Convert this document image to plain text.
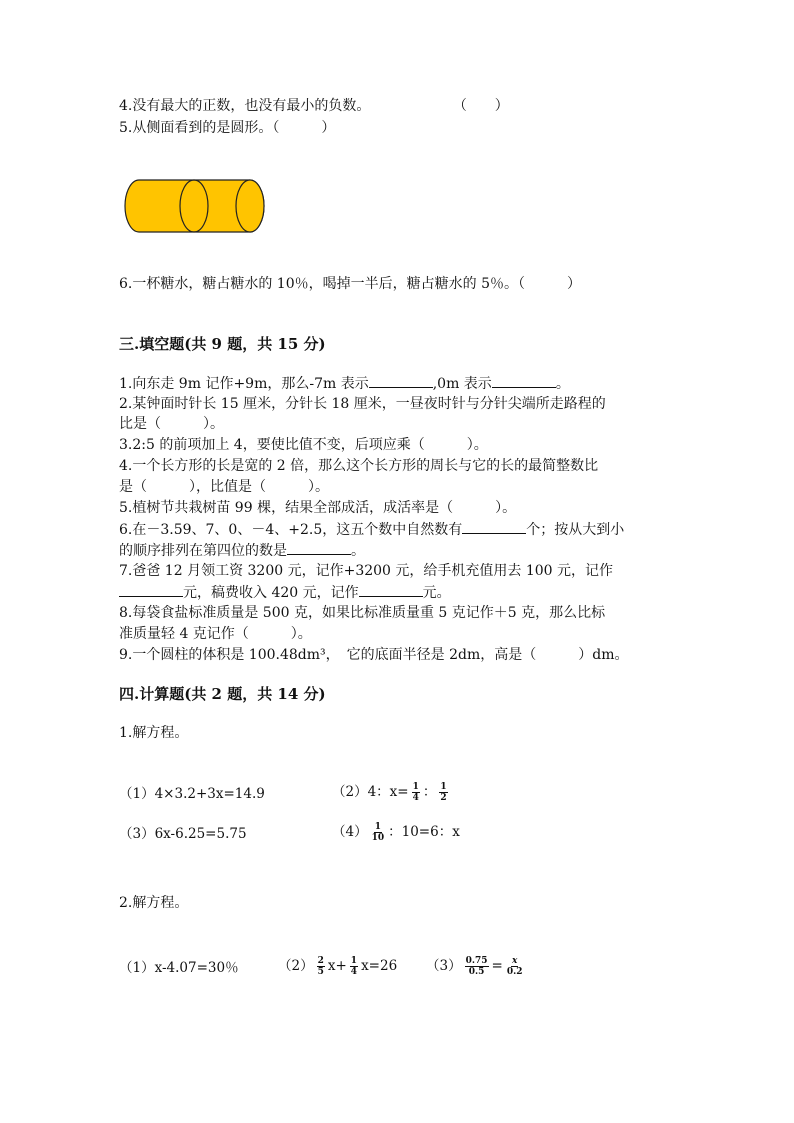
4.没有最大的正数，也没有最小的负数。	（　　）
5.从侧面看到的是圆形。（　　　）
6.一杯糖水，糖占糖水的 10％，喝掉一半后，糖占糖水的 5％。（　　　）
三.填空题(共 9 题，共 15 分)
1.向东走 9m 记作+9m，那么-7m 表示	,0m 表示	。
2.某钟面时针长 15 厘米，分针长 18 厘米，一昼夜时针与分针尖端所走路程的
比是（　　　）。
3.2:5 的前项加上 4，要使比值不变，后项应乘（　　　）。
4.一个长方形的长是宽的 2 倍，那么这个长方形的周长与它的长的最简整数比
是（　　　），比值是（　　　）。
5.植树节共栽树苗 99 棵，结果全部成活，成活率是（　　　）。
6.在－3.59、7、0、－4、+2.5，这五个数中自然数有	个；按从大到小
的顺序排列在第四位的数是	。
7.爸爸 12 月领工资 3200 元，记作+3200 元，给手机充值用去 100 元，记作
元，稿费收入 420 元，记作	元。
8.每袋食盐标准质量是 500 克，如果比标准质量重 5 克记作＋5 克，那么比标
准质量轻 4 克记作（　　　）。
9.一个圆柱的体积是 100.48dm³，　它的底面半径是 2dm，高是（　　　）dm。
四.计算题(共 2 题，共 14 分)
1.解方程。
（1）4×3.2+3x=14.9	（2）4：$x= \frac{1}{4}$ ： $\frac{1}{2}$
（3）6x-6.25=5.75	$(4) \frac{1}{10}$ ：10=6：x
2.解方程。
（1）x-4.07=30％	$(2) \frac{2}{5} x+ \frac{1}{4} x=26$ $(3) \frac{0.75}{0.5} = \frac{x}{0.2}$
